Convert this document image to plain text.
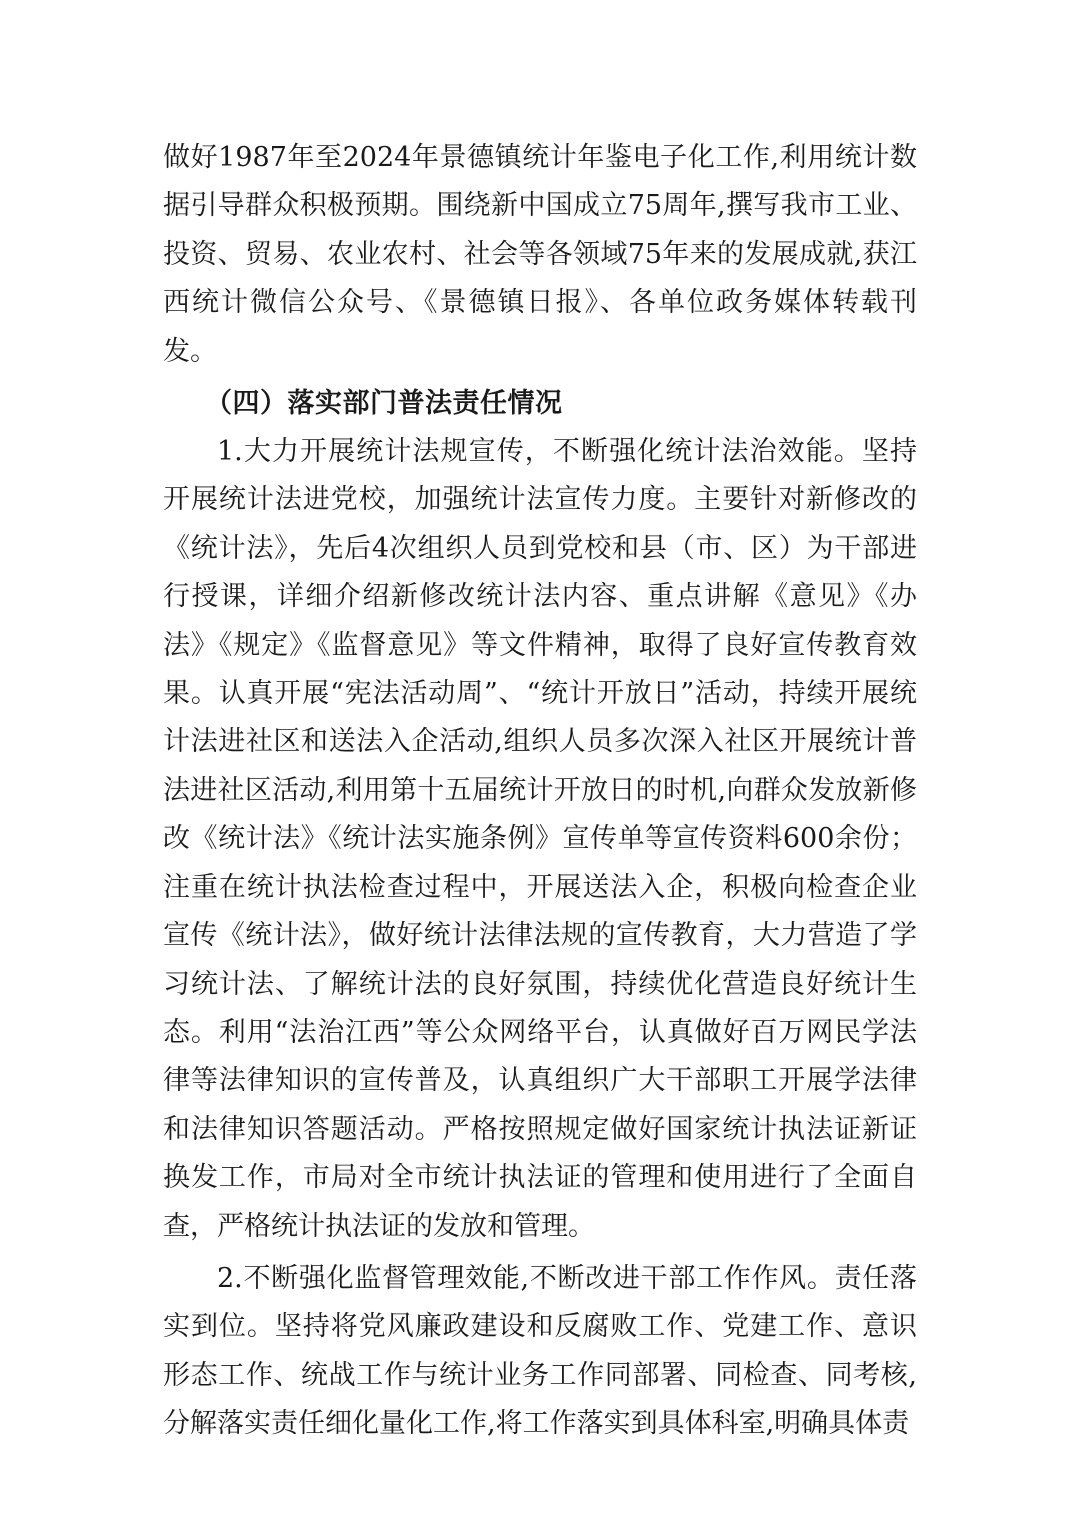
做好1987年至2024年景德镇统计年鉴电子化工作,利用统计数据引导群众积极预期。围绕新中国成立75周年,撰写我市工业、投资、贸易、农业农村、社会等各领域75年来的发展成就,获江西统计微信公众号、《景德镇日报》、各单位政务媒体转载刊发。

（四）落实部门普法责任情况

1.大力开展统计法规宣传，不断强化统计法治效能。坚持开展统计法进党校，加强统计法宣传力度。主要针对新修改的《统计法》，先后4次组织人员到党校和县（市、区）为干部进行授课，详细介绍新修改统计法内容、重点讲解《意见》《办法》《规定》《监督意见》等文件精神，取得了良好宣传教育效果。认真开展“宪法活动周”、“统计开放日”活动，持续开展统计法进社区和送法入企活动,组织人员多次深入社区开展统计普法进社区活动,利用第十五届统计开放日的时机,向群众发放新修改《统计法》《统计法实施条例》宣传单等宣传资料600余份；注重在统计执法检查过程中，开展送法入企，积极向检查企业宣传《统计法》，做好统计法律法规的宣传教育，大力营造了学习统计法、了解统计法的良好氛围，持续优化营造良好统计生态。利用“法治江西”等公众网络平台，认真做好百万网民学法律等法律知识的宣传普及，认真组织广大干部职工开展学法律和法律知识答题活动。严格按照规定做好国家统计执法证新证换发工作，市局对全市统计执法证的管理和使用进行了全面自查，严格统计执法证的发放和管理。

2.不断强化监督管理效能,不断改进干部工作作风。责任落实到位。坚持将党风廉政建设和反腐败工作、党建工作、意识形态工作、统战工作与统计业务工作同部署、同检查、同考核,分解落实责任细化量化工作,将工作落实到具体科室,明确具体责
